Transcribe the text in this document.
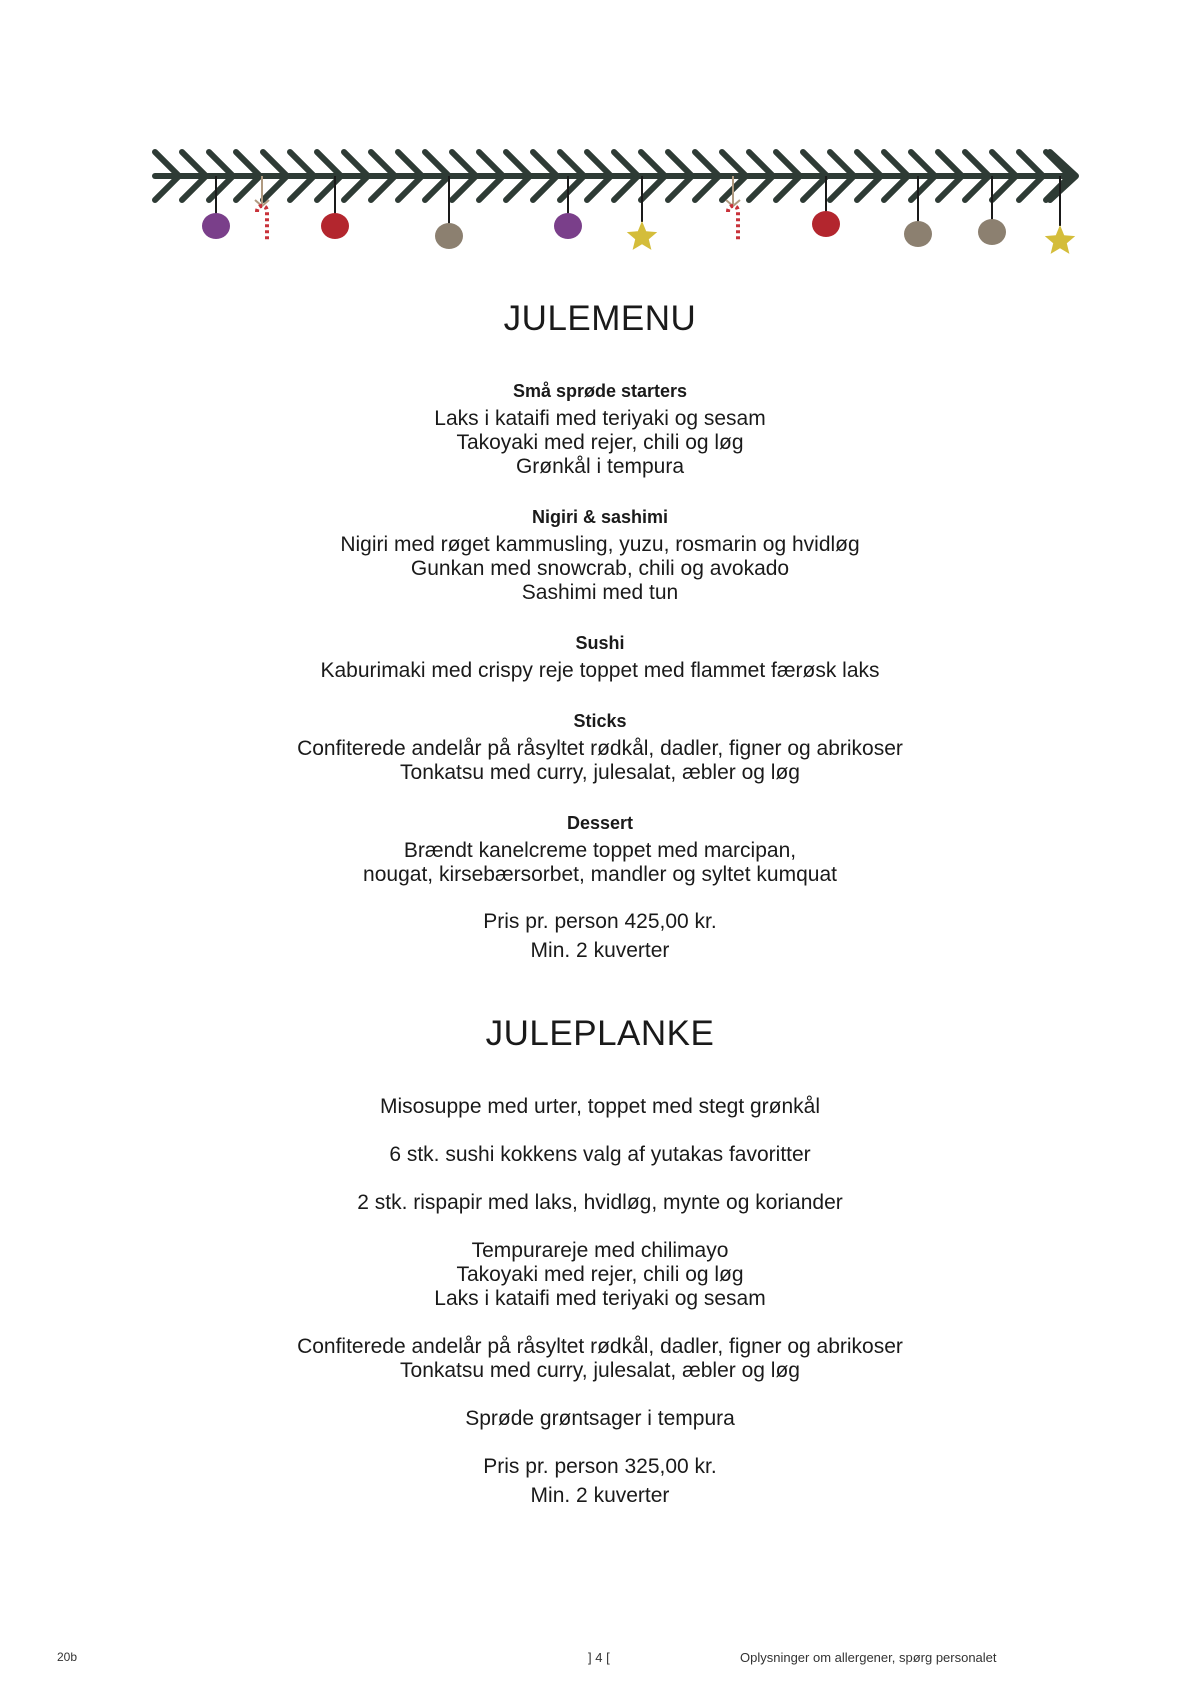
JULEMENU

Små sprøde starters

Laks i kataifi med teriyaki og sesam

Takoyaki med rejer, chili og løg

Grønkål i tempura

Nigiri & sashimi

Nigiri med røget kammusling, yuzu, rosmarin og hvidløg

Gunkan med snowcrab, chili og avokado

Sashimi med tun

Sushi

Kaburimaki med crispy reje toppet med flammet færøsk laks

Sticks

Confiterede andelår på råsyltet rødkål, dadler, figner og abrikoser

Tonkatsu med curry, julesalat, æbler og løg

Dessert

Brændt kanelcreme toppet med marcipan,

nougat, kirsebærsorbet, mandler og syltet kumquat

Pris pr. person 425,00 kr.

Min. 2 kuverter

JULEPLANKE

Misosuppe med urter, toppet med stegt grønkål

6 stk. sushi kokkens valg af yutakas favoritter

2 stk. rispapir med laks, hvidløg, mynte og koriander

Tempurareje med chilimayo

Takoyaki med rejer, chili og løg

Laks i kataifi med teriyaki og sesam

Confiterede andelår på råsyltet rødkål, dadler, figner og abrikoser

Tonkatsu med curry, julesalat, æbler og løg

Sprøde grøntsager i tempura

Pris pr. person 325,00 kr.

Min. 2 kuverter

20b	] 4 [	Oplysninger om allergener, spørg personalet
